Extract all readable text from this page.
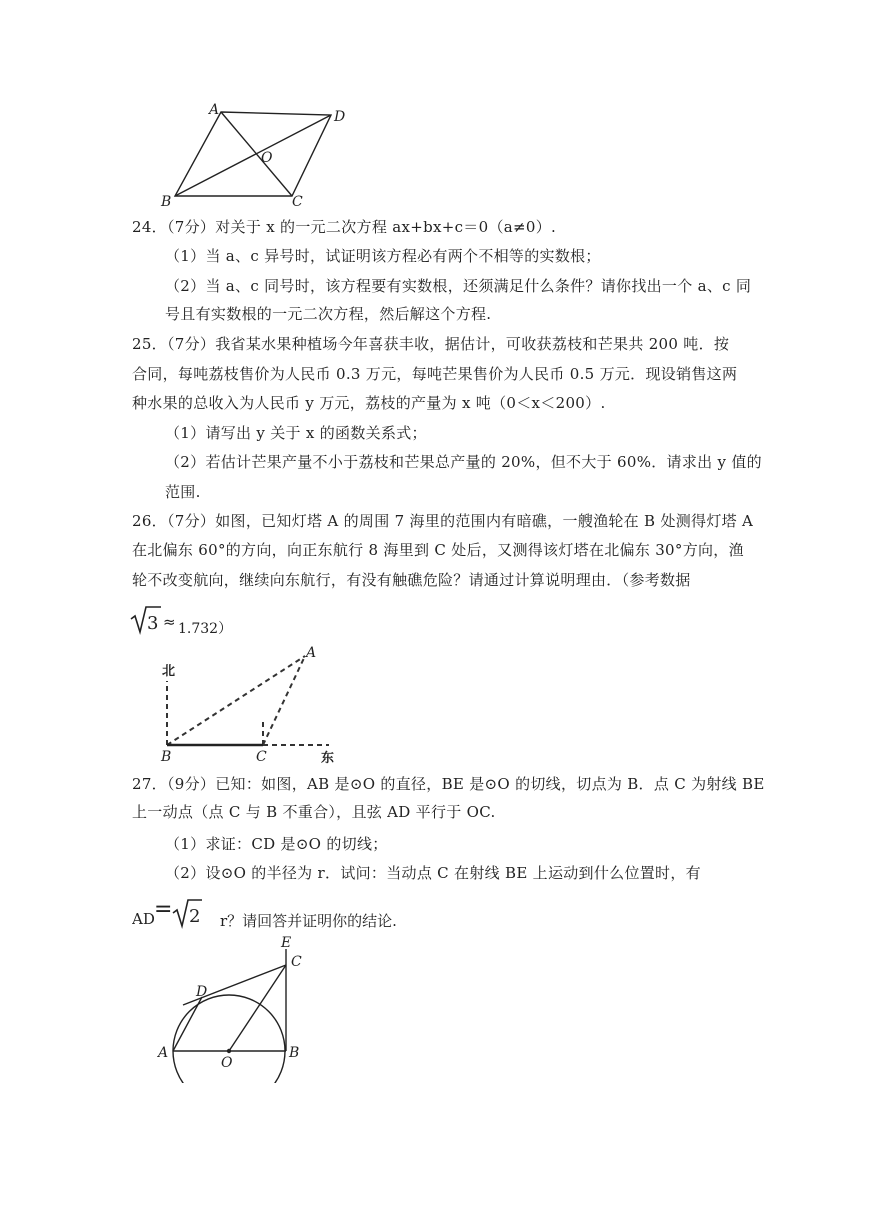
A	D
O
B	C
24．（7分）对关于 x 的一元二次方程 ax+bx+c＝0（a≠0）.
（1）当 a、c 异号时，试证明该方程必有两个不相等的实数根；
（2）当 a、c 同号时，该方程要有实数根，还须满足什么条件？请你找出一个 a、c 同
号且有实数根的一元二次方程，然后解这个方程.
25．（7分）我省某水果种植场今年喜获丰收，据估计，可收获荔枝和芒果共 200 吨．按
合同，每吨荔枝售价为人民币 0.3 万元，每吨芒果售价为人民币 0.5 万元．现设销售这两
种水果的总收入为人民币 y 万元，荔枝的产量为 x 吨（0＜x＜200）.
（1）请写出 y 关于 x 的函数关系式；
（2）若估计芒果产量不小于荔枝和芒果总产量的 20%，但不大于 60%．请求出 y 值的
范围.
26．（7分）如图，已知灯塔 A 的周围 7 海里的范围内有暗礁，一艘渔轮在 B 处测得灯塔 A
在北偏东 60°的方向，向正东航行 8 海里到 C 处后，又测得该灯塔在北偏东 30°方向，渔
轮不改变航向，继续向东航行，有没有触礁危险？请通过计算说明理由．（参考数据
3 ≈ 1.732）
北
A
B	C	东
27．（9分）已知：如图，AB 是⊙O 的直径，BE 是⊙O 的切线，切点为 B．点 C 为射线 BE
上一动点（点 C 与 B 不重合），且弦 AD 平行于 OC.
（1）求证：CD 是⊙O 的切线；
（2）设⊙O 的半径为 r．试问：当动点 C 在射线 BE 上运动到什么位置时，有
AD = 2 r？请回答并证明你的结论.
E
C
D
A
O
B
